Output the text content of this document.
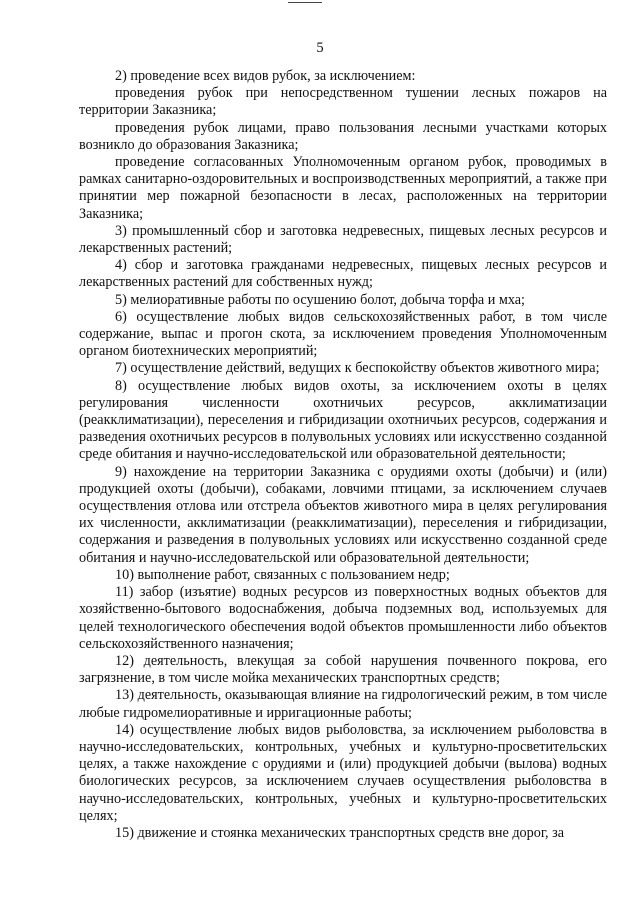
5

2) проведение всех видов рубок, за исключением:

проведения рубок при непосредственном тушении лесных пожаров на территории Заказника;

проведения рубок лицами, право пользования лесными участками которых возникло до образования Заказника;

проведение согласованных Уполномоченным органом рубок, проводимых в рамках санитарно-оздоровительных и воспроизводственных мероприятий, а также при принятии мер пожарной безопасности в лесах, расположенных на территории Заказника;

3) промышленный сбор и заготовка недревесных, пищевых лесных ресурсов и лекарственных растений;

4) сбор и заготовка гражданами недревесных, пищевых лесных ресурсов и лекарственных растений для собственных нужд;

5) мелиоративные работы по осушению болот, добыча торфа и мха;

6) осуществление любых видов сельскохозяйственных работ, в том числе содержание, выпас и прогон скота, за исключением проведения Уполномоченным органом биотехнических мероприятий;

7) осуществление действий, ведущих к беспокойству объектов животного мира;

8) осуществление любых видов охоты, за исключением охоты в целях регулирования численности охотничьих ресурсов, акклиматизации (реакклиматизации), переселения и гибридизации охотничьих ресурсов, содержания и разведения охотничьих ресурсов в полувольных условиях или искусственно созданной среде обитания и научно-исследовательской или образовательной деятельности;

9) нахождение на территории Заказника с орудиями охоты (добычи) и (или) продукцией охоты (добычи), собаками, ловчими птицами, за исключением случаев осуществления отлова или отстрела объектов животного мира в целях регулирования их численности, акклиматизации (реакклиматизации), переселения и гибридизации, содержания и разведения в полувольных условиях или искусственно созданной среде обитания и научно-исследовательской или образовательной деятельности;

10) выполнение работ, связанных с пользованием недр;

11) забор (изъятие) водных ресурсов из поверхностных водных объектов для хозяйственно-бытового водоснабжения, добыча подземных вод, используемых для целей технологического обеспечения водой объектов промышленности либо объектов сельскохозяйственного назначения;

12) деятельность, влекущая за собой нарушения почвенного покрова, его загрязнение, в том числе мойка механических транспортных средств;

13) деятельность, оказывающая влияние на гидрологический режим, в том числе любые гидромелиоративные и ирригационные работы;

14) осуществление любых видов рыболовства, за исключением рыболовства в научно-исследовательских, контрольных, учебных и культурно-просветительских целях, а также нахождение с орудиями и (или) продукцией добычи (вылова) водных биологических ресурсов, за исключением случаев осуществления рыболовства в научно-исследовательских, контрольных, учебных и культурно-просветительских целях;

15) движение и стоянка механических транспортных средств вне дорог, за
